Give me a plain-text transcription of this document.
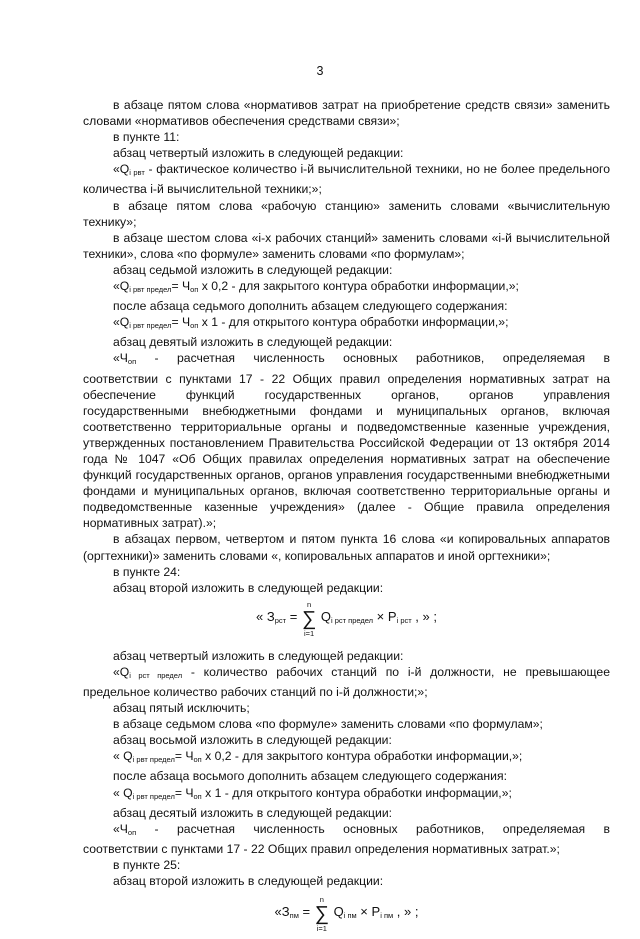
3

в абзаце пятом слова «нормативов затрат на приобретение средств связи» заменить словами «нормативов обеспечения средствами связи»;

в пункте 11:

абзац четвертый изложить в следующей редакции:

«$Q_{i рвт}$ - фактическое количество i-й вычислительной техники, но не более предельного количества i-й вычислительной техники;»;

в абзаце пятом слова «рабочую станцию» заменить словами «вычислительную технику»;

в абзаце шестом слова «i-х рабочих станций» заменить словами «i-й вычислительной техники», слова «по формуле» заменить словами «по формулам»;

абзац седьмой изложить в следующей редакции:

«$Q_{i рвт предел}= Ч_{оп}$ x 0,2 - для закрытого контура обработки информации,»;

после абзаца седьмого дополнить абзацем следующего содержания:

«$Q_{i рвт предел}= Ч_{оп}$ x 1 - для открытого контура обработки информации,»;

абзац девятый изложить в следующей редакции:

«$Ч_{оп}$ - расчетная численность основных работников, определяемая в

соответствии с пунктами 17 - 22 Общих правил определения нормативных затрат на

обеспечение функций государственных органов, органов управления

государственными внебюджетными фондами и муниципальных органов, включая соответственно территориальные органы и подведомственные казенные учреждения, утвержденных постановлением Правительства Российской Федерации от 13 октября 2014 года № 1047 «Об Общих правилах определения нормативных затрат на обеспечение функций государственных органов, органов управления государственными внебюджетными фондами и муниципальных органов, включая соответственно территориальные органы и подведомственные казенные учреждения» (далее - Общие правила определения нормативных затрат).»;

в абзацах первом, четвертом и пятом пункта 16 слова «и копировальных аппаратов (оргтехники)» заменить словами «, копировальных аппаратов и иной оргтехники»;

в пункте 24:

абзац второй изложить в следующей редакции:

« $З_{рст}$ =
n
∑
i=1
$Q_{i рст предел} \times P_{i рст}$ , » ;

абзац четвертый изложить в следующей редакции:

«$Q_{i рст предел}$ - количество рабочих станций по i-й должности, не превышающее предельное количество рабочих станций по i-й должности;»;

абзац пятый исключить;

в абзаце седьмом слова «по формуле» заменить словами «по формулам»;

абзац восьмой изложить в следующей редакции:

« $Q_{i рвт предел}= Ч_{оп}$ x 0,2 - для закрытого контура обработки информации,»;

после абзаца восьмого дополнить абзацем следующего содержания:

« $Q_{i рвт предел}= Ч_{оп}$ x 1 - для открытого контура обработки информации,»;

абзац десятый изложить в следующей редакции:

«$Ч_{оп}$ - расчетная численность основных работников, определяемая в

соответствии с пунктами 17 - 22 Общих правил определения нормативных затрат.»;

в пункте 25:

абзац второй изложить в следующей редакции:

«$З_{пм}$ =
n
∑
i=1
$Q_{i пм} \times P_{i пм}$ , » ;
